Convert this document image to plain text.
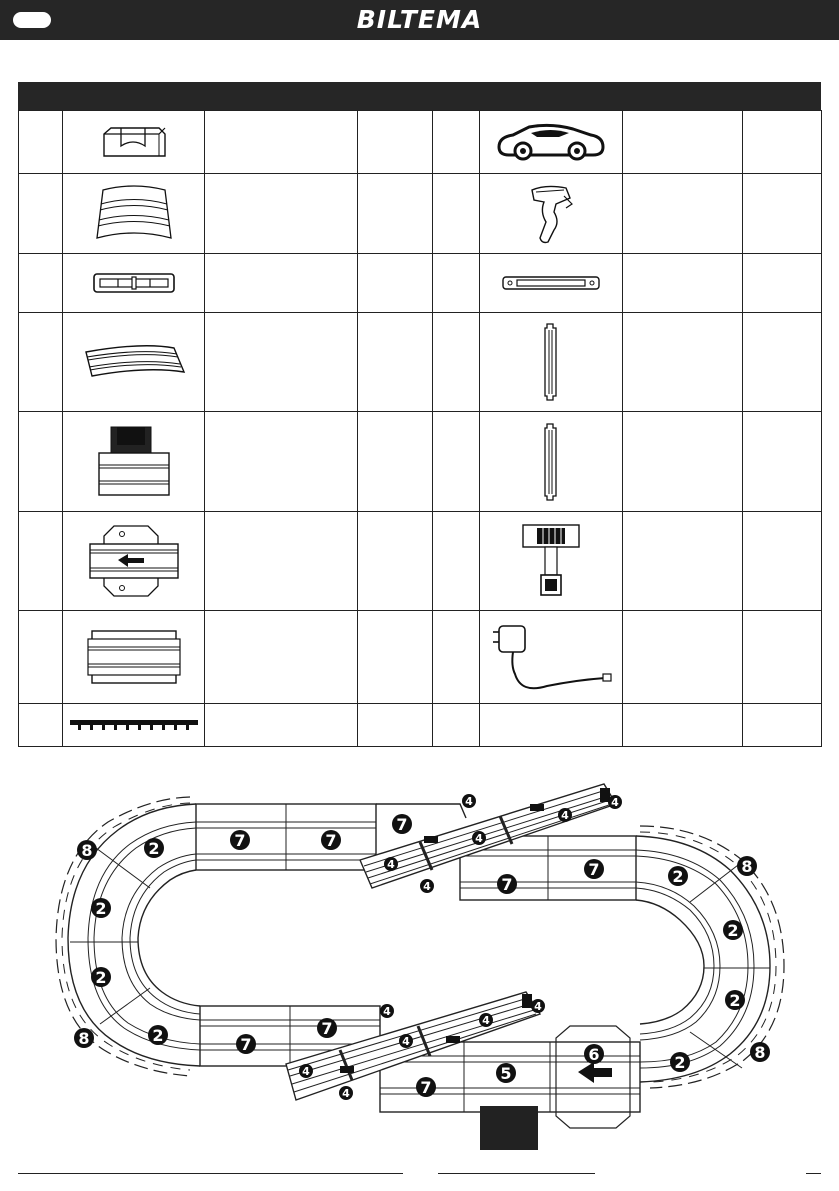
BILTEMA

8
8
8
8
2
2
2
2
2
2
2
2
7	7
7
7
7
7
7
7
5
6
4	4
4
4
4
4
4	4
4
4
4
4
